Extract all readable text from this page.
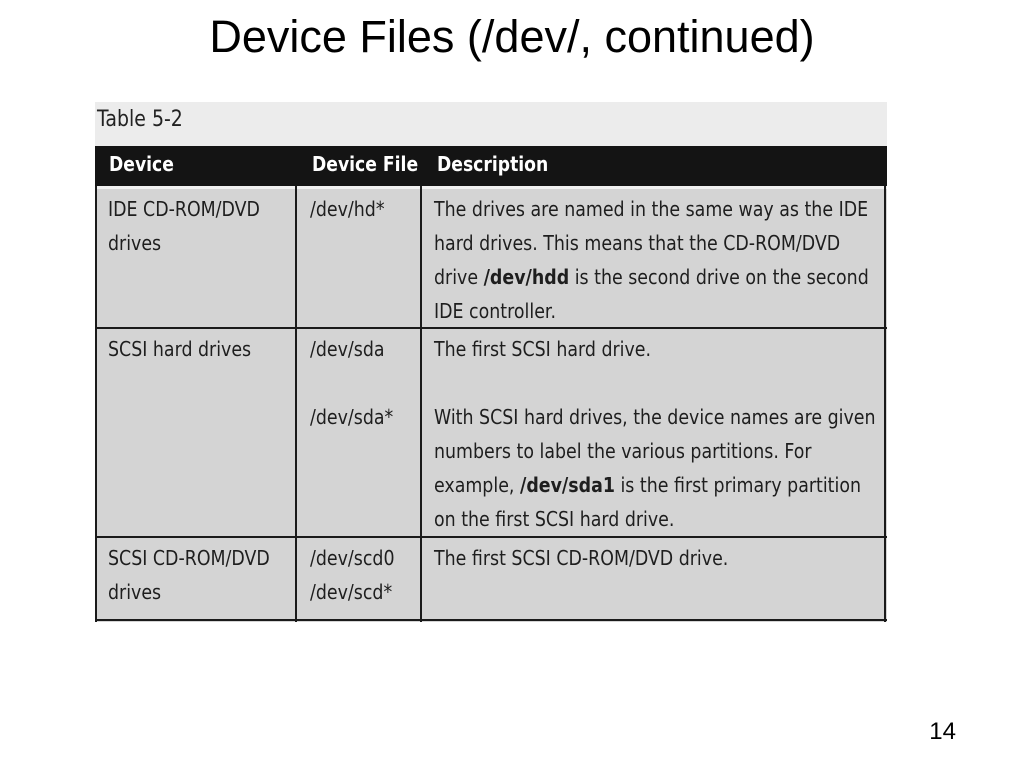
Device Files (/dev/, continued)
Table 5-2
Device	Device File Description
IDE CD-ROM/DVD
drives
/dev/hd* The drives are named in the same way as the IDE
hard drives. This means that the CD-ROM/DVD
drive /dev/hdd is the second drive on the second
IDE controller.
SCSI hard drives	/dev/sda
/dev/sda*
The first SCSI hard drive.
With SCSI hard drives, the device names are given
numbers to label the various partitions. For
example, /dev/sda1 is the first primary partition
on the first SCSI hard drive.
SCSI CD-ROM/DVD
drives
/dev/scd0
/dev/scd*
The first SCSI CD-ROM/DVD drive.
14
